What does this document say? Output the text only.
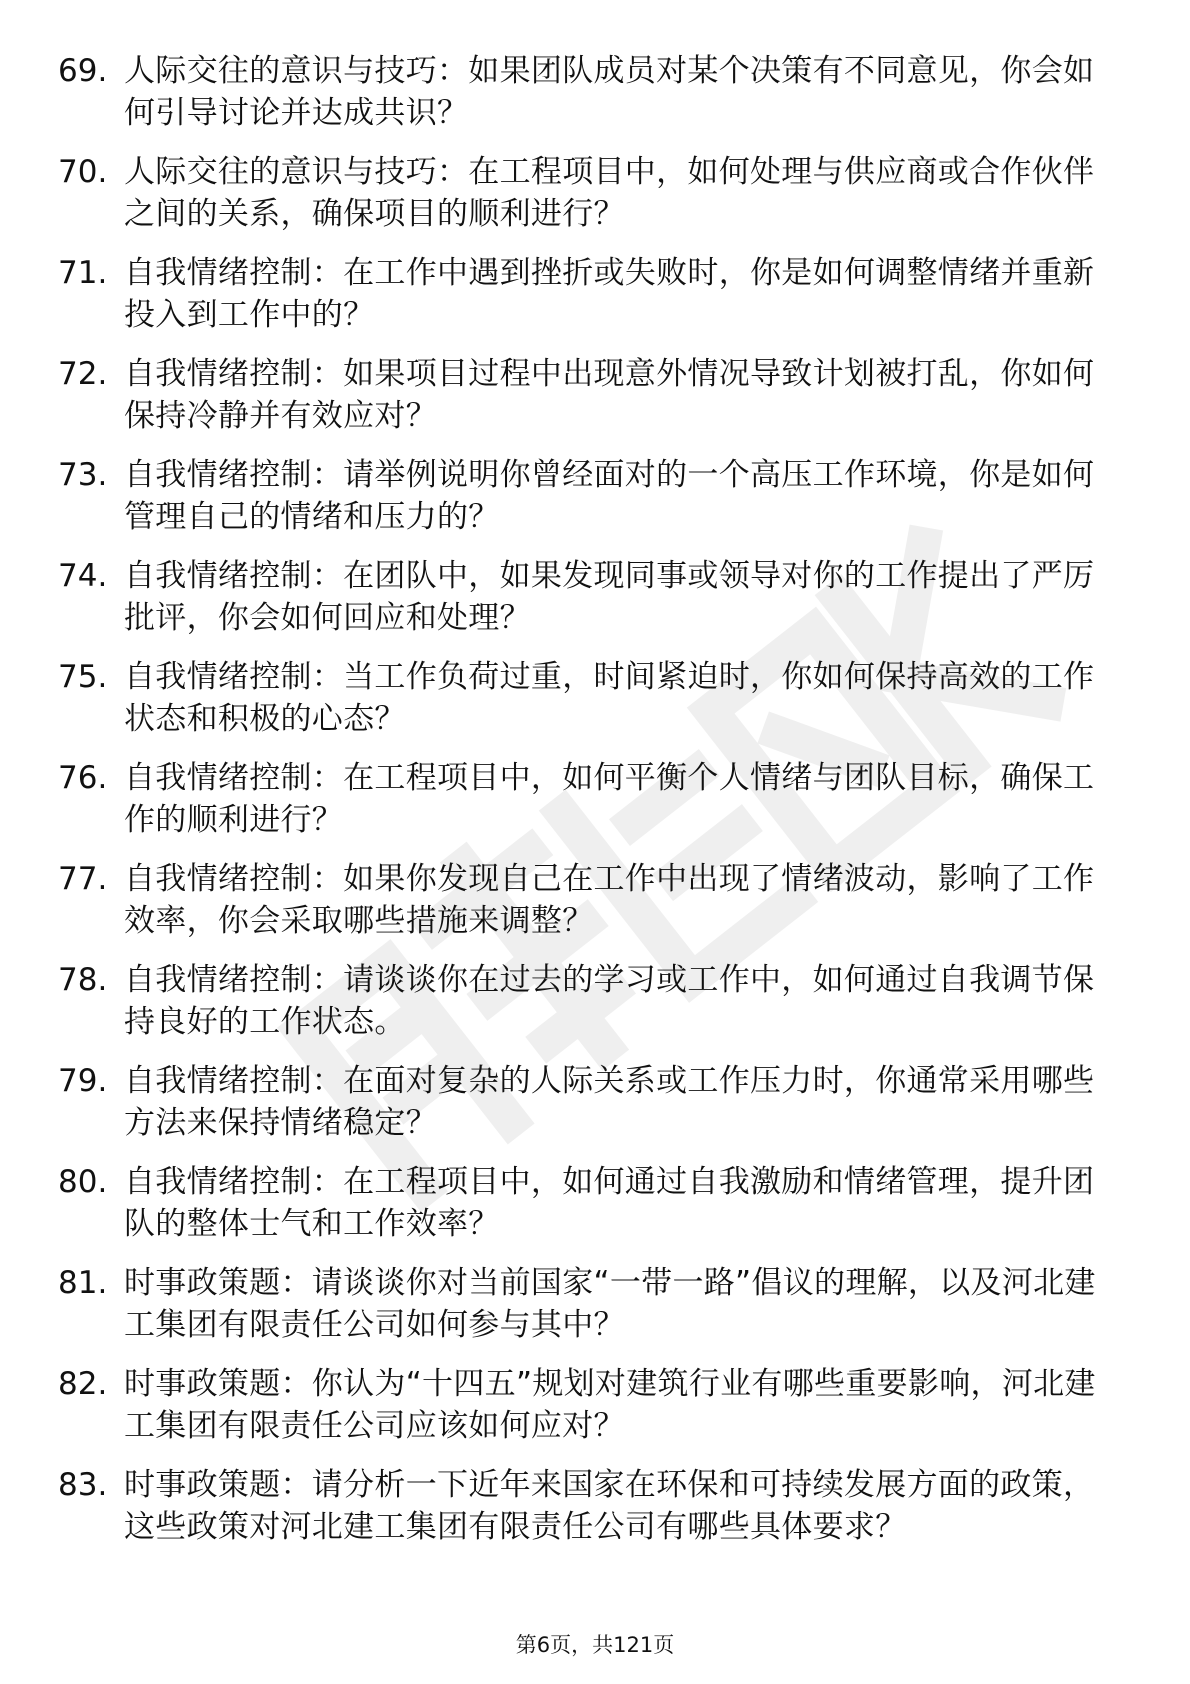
69. 人际交往的意识与技巧：如果团队成员对某个决策有不同意见，你会如何引导讨论并达成共识？
70. 人际交往的意识与技巧：在工程项目中，如何处理与供应商或合作伙伴之间的关系，确保项目的顺利进行？
71. 自我情绪控制：在工作中遇到挫折或失败时，你是如何调整情绪并重新投入到工作中的？
72. 自我情绪控制：如果项目过程中出现意外情况导致计划被打乱，你如何保持冷静并有效应对？
73. 自我情绪控制：请举例说明你曾经面对的一个高压工作环境，你是如何管理自己的情绪和压力的？
74. 自我情绪控制：在团队中，如果发现同事或领导对你的工作提出了严厉批评，你会如何回应和处理？
75. 自我情绪控制：当工作负荷过重，时间紧迫时，你如何保持高效的工作状态和积极的心态？
76. 自我情绪控制：在工程项目中，如何平衡个人情绪与团队目标，确保工作的顺利进行？
77. 自我情绪控制：如果你发现自己在工作中出现了情绪波动，影响了工作效率，你会采取哪些措施来调整？
78. 自我情绪控制：请谈谈你在过去的学习或工作中，如何通过自我调节保持良好的工作状态。
79. 自我情绪控制：在面对复杂的人际关系或工作压力时，你通常采用哪些方法来保持情绪稳定？
80. 自我情绪控制：在工程项目中，如何通过自我激励和情绪管理，提升团队的整体士气和工作效率？
81. 时事政策题：请谈谈你对当前国家“一带一路”倡议的理解，以及河北建工集团有限责任公司如何参与其中？
82. 时事政策题：你认为“十四五”规划对建筑行业有哪些重要影响，河北建工集团有限责任公司应该如何应对？
83. 时事政策题：请分析一下近年来国家在环保和可持续发展方面的政策，这些政策对河北建工集团有限责任公司有哪些具体要求？
第6页，共121页
